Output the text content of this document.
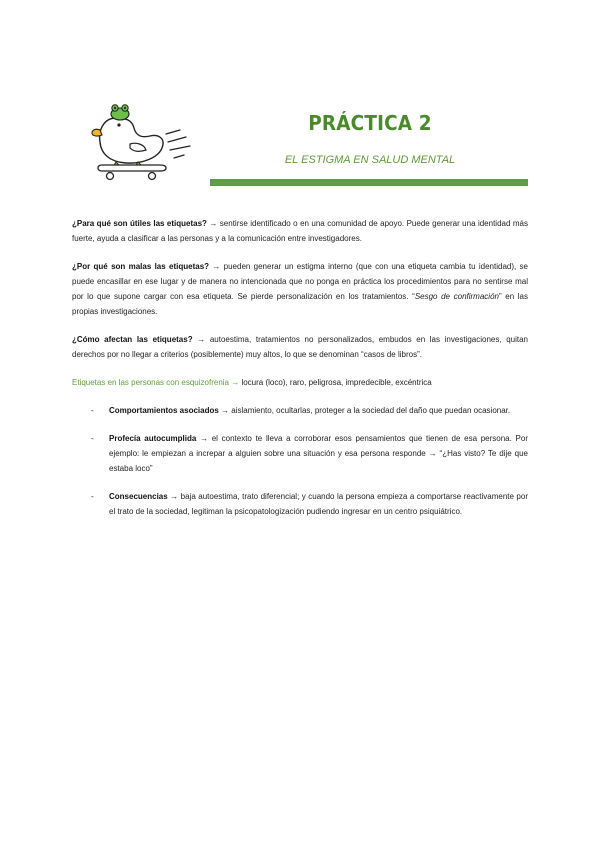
PRÁCTICA 2
EL ESTIGMA EN SALUD MENTAL

¿Para qué son útiles las etiquetas? → sentirse identificado o en una comunidad de apoyo. Puede generar una identidad más fuerte, ayuda a clasificar a las personas y a la comunicación entre investigadores.

¿Por qué son malas las etiquetas? → pueden generar un estigma interno (que con una etiqueta cambia tu identidad), se puede encasillar en ese lugar y de manera no intencionada que no ponga en práctica los procedimientos para no sentirse mal por lo que supone cargar con esa etiqueta. Se pierde personalización en los tratamientos. “Sesgo de confirmación” en las propias investigaciones.

¿Cómo afectan las etiquetas? → autoestima, tratamientos no personalizados, embudos en las investigaciones, quitan derechos por no llegar a criterios (posiblemente) muy altos, lo que se denominan “casos de libros”.

Etiquetas en las personas con esquizofrenia → locura (loco), raro, peligrosa, impredecible, excéntrica

- Comportamientos asociados → aislamiento, ocultarlas, proteger a la sociedad del daño que puedan ocasionar.
- Profecía autocumplida → el contexto te lleva a corroborar esos pensamientos que tienen de esa persona. Por ejemplo: le empiezan a increpar a alguien sobre una situación y esa persona responde → “¿Has visto? Te dije que estaba loco”
- Consecuencias → baja autoestima, trato diferencial; y cuando la persona empieza a comportarse reactivamente por el trato de la sociedad, legitiman la psicopatologización pudiendo ingresar en un centro psiquiátrico.
